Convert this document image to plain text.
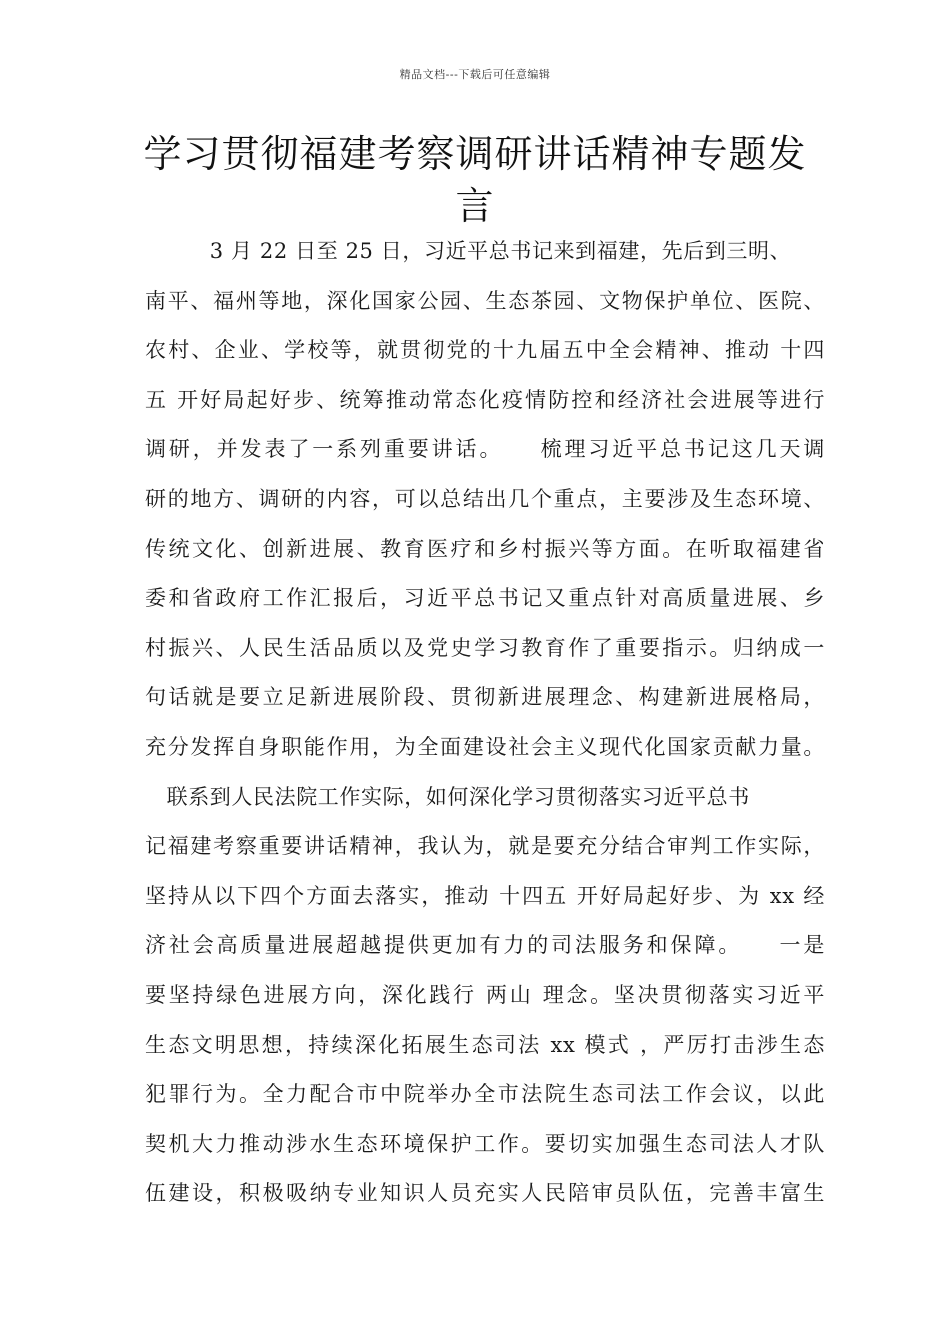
精品文档---下载后可任意编辑
学习贯彻福建考察调研讲话精神专题发
言
　　　3 月 22 日至 25 日，习近平总书记来到福建，先后到三明、
南平、福州等地，深化国家公园、生态茶园、文物保护单位、医院、
农村、企业、学校等，就贯彻党的十九届五中全会精神、推动 十四
五 开好局起好步、统筹推动常态化疫情防控和经济社会进展等进行
调研，并发表了一系列重要讲话。　　梳理习近平总书记这几天调
研的地方、调研的内容，可以总结出几个重点，主要涉及生态环境、
传统文化、创新进展、教育医疗和乡村振兴等方面。在听取福建省
委和省政府工作汇报后，习近平总书记又重点针对高质量进展、乡
村振兴、人民生活品质以及党史学习教育作了重要指示。归纳成一
句话就是要立足新进展阶段、贯彻新进展理念、构建新进展格局，
充分发挥自身职能作用，为全面建设社会主义现代化国家贡献力量。
　联系到人民法院工作实际，如何深化学习贯彻落实习近平总书
记福建考察重要讲话精神，我认为，就是要充分结合审判工作实际，
坚持从以下四个方面去落实，推动 十四五 开好局起好步、为 xx 经
济社会高质量进展超越提供更加有力的司法服务和保障。　　一是
要坚持绿色进展方向，深化践行 两山 理念。坚决贯彻落实习近平
生态文明思想，持续深化拓展生态司法 xx 模式 ，严厉打击涉生态
犯罪行为。全力配合市中院举办全市法院生态司法工作会议，以此
契机大力推动涉水生态环境保护工作。要切实加强生态司法人才队
伍建设，积极吸纳专业知识人员充实人民陪审员队伍，完善丰富生
